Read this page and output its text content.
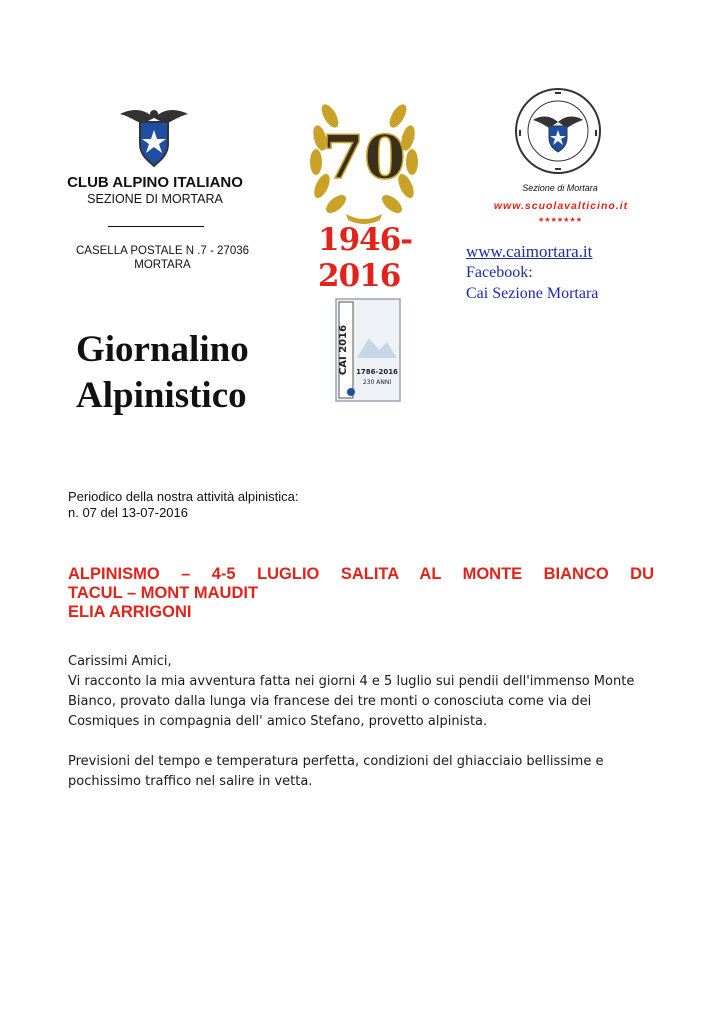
CLUB ALPINO ITALIANO
SEZIONE DI MORTARA
CASELLA POSTALE N .7 - 27036
MORTARA
70
1946-
2016
CAI 2016 1786-2016
230 ANNI
Sezione di Mortara
www.scuolavalticino.it
*******
www.caimortara.it
Facebook:
Cai Sezione Mortara
Giornalino
Alpinistico
Periodico della nostra attività alpinistica:
n. 07 del 13-07-2016
ALPINISMO – 4-5 LUGLIO SALITA AL MONTE BIANCO DU
TACUL – MONT MAUDIT
ELIA ARRIGONI

Carissimi Amici,

Vi racconto la mia avventura fatta nei giorni 4 e 5 luglio sui pendii dell'immenso Monte Bianco, provato dalla lunga via francese dei tre monti o conosciuta come via dei Cosmiques in compagnia dell' amico Stefano, provetto alpinista.

Previsioni del tempo e temperatura perfetta, condizioni del ghiacciaio bellissime e pochissimo traffico nel salire in vetta.
